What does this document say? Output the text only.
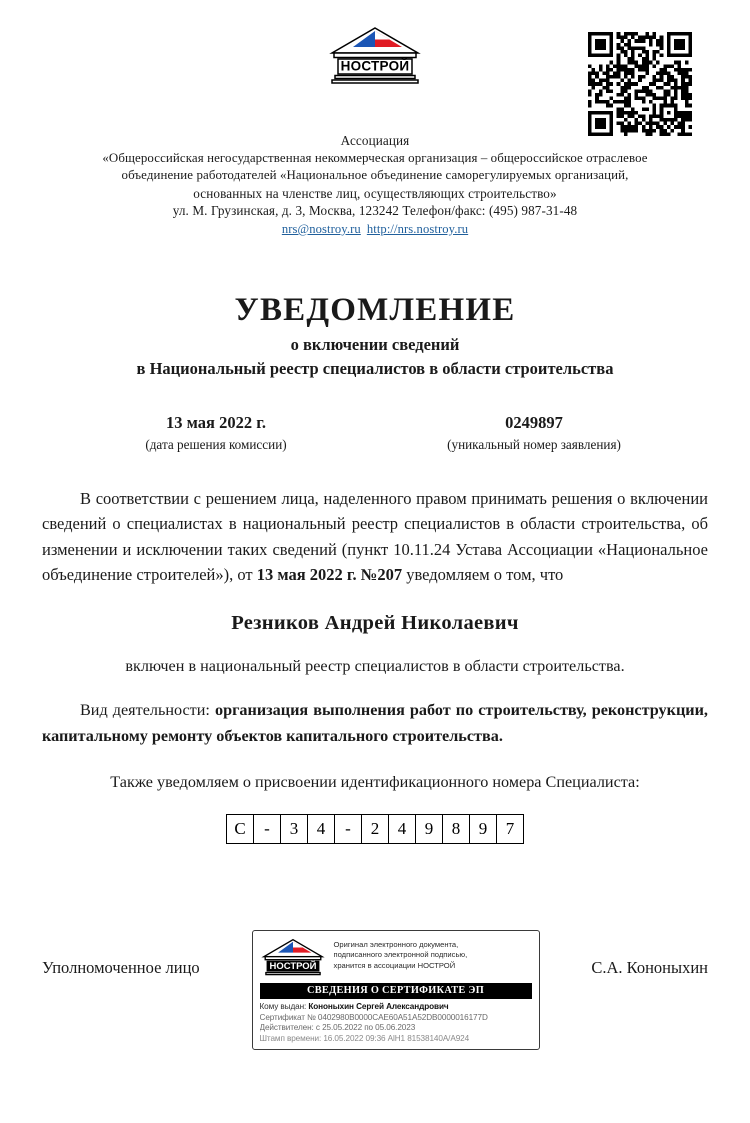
НОСТРОЙ
Ассоциация
«Общероссийская негосударственная некоммерческая организация – общероссийское отраслевое
объединение работодателей «Национальное объединение саморегулируемых организаций,
основанных на членстве лиц, осуществляющих строительство»
ул. М. Грузинская, д. 3, Москва, 123242 Телефон/факс: (495) 987-31-48
nrs@nostroy.ru http://nrs.nostroy.ru
УВЕДОМЛЕНИЕ
о включении сведений
в Национальный реестр специалистов в области строительства
13 мая 2022 г.
(дата решения комиссии)
0249897
(уникальный номер заявления)
В соответствии с решением лица, наделенного правом принимать решения о включении сведений о специалистах в национальный реестр специалистов в области строительства, об изменении и исключении таких сведений (пункт 10.11.24 Устава Ассоциации «Национальное объединение строителей»), от 13 мая 2022 г. №207 уведомляем о том, что
Резников Андрей Николаевич
включен в национальный реестр специалистов в области строительства.
Вид деятельности: организация выполнения работ по строительству, реконструкции, капитальному ремонту объектов капитального строительства.
Также уведомляем о присвоении идентификационного номера Специалиста:
С	-	3	4	-	2	4	9	8	9	7
Уполномоченное лицо НОСТРОЙ
Оригинал электронного документа,
подписанного электронной подписью,
хранится в ассоциации НОСТРОЙ
СВЕДЕНИЯ О СЕРТИФИКАТЕ ЭП
Кому выдан: Кононыхин Сергей Александрович
Сертификат № 0402980B0000CAE60A51A52DB0000016177D
Действителен: с 25.05.2022 по 05.06.2023
Штамп времени: 16.05.2022 09:36 AlH1 81538140A/A924
С.А. Кононыхин
